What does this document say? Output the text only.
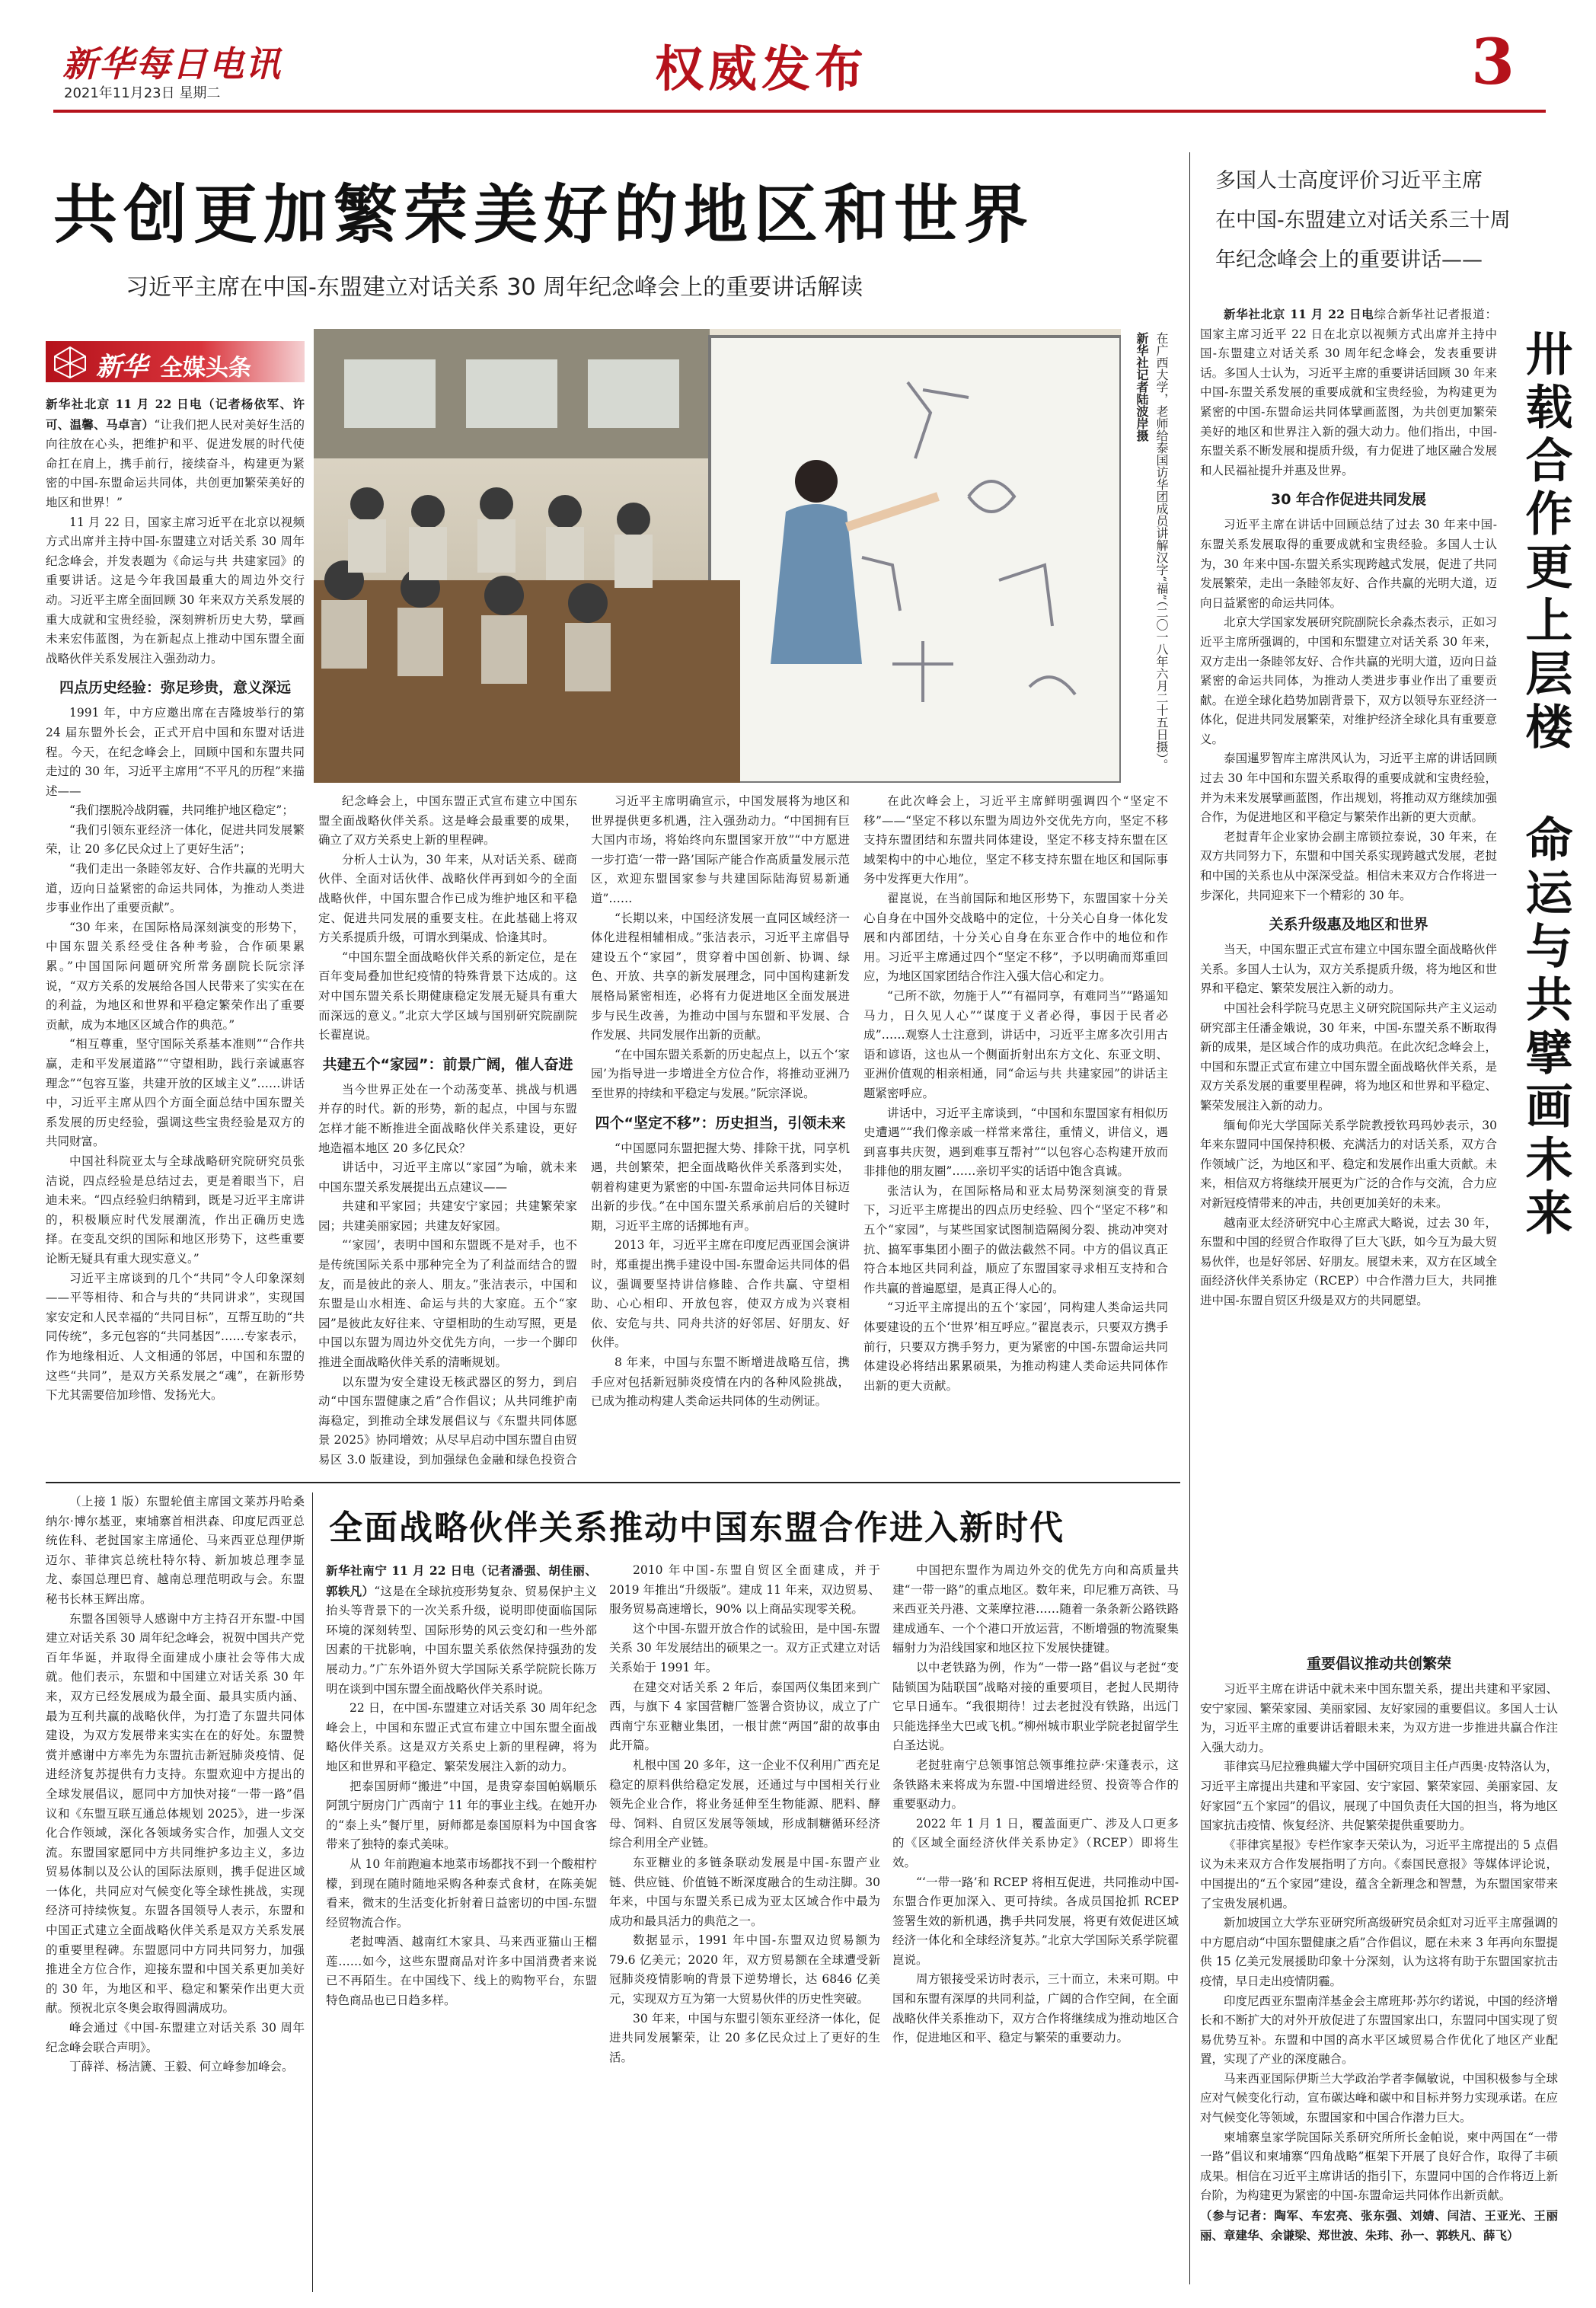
新华每日电讯
2021年11月23日 星期二	权威发布	3
共创更加繁荣美好的地区和世界
习近平主席在中国-东盟建立对话关系 30 周年纪念峰会上的重要讲话解读
新华 全媒头条	在广西大学，老师给泰国访华团成员讲解汉字“福”（二〇一八年六月二十五日摄）。 新华社记者陆波岸摄

新华社北京 11 月 22 日电（记者杨依军、许可、温馨、马卓言）“让我们把人民对美好生活的向往放在心头，把维护和平、促进发展的时代使命扛在肩上，携手前行，接续奋斗，构建更为紧密的中国-东盟命运共同体，共创更加繁荣美好的地区和世界！”

11 月 22 日，国家主席习近平在北京以视频方式出席并主持中国-东盟建立对话关系 30 周年纪念峰会，并发表题为《命运与共 共建家园》的重要讲话。这是今年我国最重大的周边外交行动。习近平主席全面回顾 30 年来双方关系发展的重大成就和宝贵经验，深刻辨析历史大势，擘画未来宏伟蓝图，为在新起点上推动中国东盟全面战略伙伴关系发展注入强劲动力。

四点历史经验：弥足珍贵，意义深远

1991 年，中方应邀出席在吉隆坡举行的第 24 届东盟外长会，正式开启中国和东盟对话进程。今天，在纪念峰会上，回顾中国和东盟共同走过的 30 年，习近平主席用“不平凡的历程”来描述——

“我们摆脱冷战阴霾，共同维护地区稳定”；

“我们引领东亚经济一体化，促进共同发展繁荣，让 20 多亿民众过上了更好生活”；

“我们走出一条睦邻友好、合作共赢的光明大道，迈向日益紧密的命运共同体，为推动人类进步事业作出了重要贡献”。

“30 年来，在国际格局深刻演变的形势下，中国东盟关系经受住各种考验，合作硕果累累。”中国国际问题研究所常务副院长阮宗泽说，“双方关系的发展给各国人民带来了实实在在的利益，为地区和世界和平稳定繁荣作出了重要贡献，成为本地区区域合作的典范。”

“相互尊重，坚守国际关系基本准则”“合作共赢，走和平发展道路”“守望相助，践行亲诚惠容理念”“包容互鉴，共建开放的区域主义”……讲话中，习近平主席从四个方面全面总结中国东盟关系发展的历史经验，强调这些宝贵经验是双方的共同财富。

中国社科院亚太与全球战略研究院研究员张洁说，四点经验是总结过去，更是着眼当下，启迪未来。“四点经验归纳精到，既是习近平主席讲的，积极顺应时代发展潮流，作出正确历史选择。在变乱交织的国际和地区形势下，这些重要论断无疑具有重大现实意义。”

习近平主席谈到的几个“共同”令人印象深刻——平等相待、和合与共的“共同讲求”，实现国家安定和人民幸福的“共同目标”，互帮互助的“共同传统”，多元包容的“共同基因”……专家表示，作为地缘相近、人文相通的邻居，中国和东盟的这些“共同”，是双方关系发展之“魂”，在新形势下尤其需要倍加珍惜、发扬光大。

纪念峰会上，中国东盟正式宣布建立中国东盟全面战略伙伴关系。这是峰会最重要的成果，确立了双方关系史上新的里程碑。

分析人士认为，30 年来，从对话关系、磋商伙伴、全面对话伙伴、战略伙伴再到如今的全面战略伙伴，中国东盟合作已成为维护地区和平稳定、促进共同发展的重要支柱。在此基础上将双方关系提质升级，可谓水到渠成、恰逢其时。

“中国东盟全面战略伙伴关系的新定位，是在百年变局叠加世纪疫情的特殊背景下达成的。这对中国东盟关系长期健康稳定发展无疑具有重大而深远的意义。”北京大学区域与国别研究院副院长翟崑说。

共建五个“家园”：前景广阔，催人奋进

当今世界正处在一个动荡变革、挑战与机遇并存的时代。新的形势，新的起点，中国与东盟怎样才能不断推进全面战略伙伴关系建设，更好地造福本地区 20 多亿民众？

讲话中，习近平主席以“家园”为喻，就未来中国东盟关系发展提出五点建议——

共建和平家园；共建安宁家园；共建繁荣家园；共建美丽家园；共建友好家园。

“‘家园’，表明中国和东盟既不是对手，也不是传统国际关系中那种完全为了利益而结合的盟友，而是彼此的亲人、朋友。”张洁表示，中国和东盟是山水相连、命运与共的大家庭。五个“家园”是彼此友好往来、守望相助的生动写照，更是中国以东盟为周边外交优先方向，一步一个脚印推进全面战略伙伴关系的清晰规划。

以东盟为安全建设无核武器区的努力，到启动“中国东盟健康之盾”合作倡议；从共同维护南海稳定，到推动全球发展倡议与《东盟共同体愿景 2025》协同增效；从尽早启动中国东盟自由贸易区 3.0 版建设，到加强绿色金融和绿色投资合

习近平主席明确宣示，中国发展将为地区和世界提供更多机遇，注入强劲动力。“中国拥有巨大国内市场，将始终向东盟国家开放”“中方愿进一步打造‘一带一路’国际产能合作高质量发展示范区，欢迎东盟国家参与共建国际陆海贸易新通道”……

“长期以来，中国经济发展一直同区域经济一体化进程相辅相成。”张洁表示，习近平主席倡导建设五个“家园”，贯穿着中国创新、协调、绿色、开放、共享的新发展理念，同中国构建新发展格局紧密相连，必将有力促进地区全面发展进步与民生改善，为推动中国与东盟和平发展、合作发展、共同发展作出新的贡献。

“在中国东盟关系新的历史起点上，以五个‘家园’为指导进一步增进全方位合作，将推动亚洲乃至世界的持续和平稳定与发展。”阮宗泽说。

四个“坚定不移”：历史担当，引领未来

“中国愿同东盟把握大势、排除干扰，同享机遇，共创繁荣，把全面战略伙伴关系落到实处，朝着构建更为紧密的中国-东盟命运共同体目标迈出新的步伐。”在中国东盟关系承前启后的关键时期，习近平主席的话掷地有声。

2013 年，习近平主席在印度尼西亚国会演讲时，郑重提出携手建设中国-东盟命运共同体的倡议，强调要坚持讲信修睦、合作共赢、守望相助、心心相印、开放包容，使双方成为兴衰相依、安危与共、同舟共济的好邻居、好朋友、好伙伴。

8 年来，中国与东盟不断增进战略互信，携手应对包括新冠肺炎疫情在内的各种风险挑战，已成为推动构建人类命运共同体的生动例证。

在此次峰会上，习近平主席鲜明强调四个“坚定不移”——“坚定不移以东盟为周边外交优先方向，坚定不移支持东盟团结和东盟共同体建设，坚定不移支持东盟在区域架构中的中心地位，坚定不移支持东盟在地区和国际事务中发挥更大作用”。

翟崑说，在当前国际和地区形势下，东盟国家十分关心自身在中国外交战略中的定位，十分关心自身一体化发展和内部团结，十分关心自身在东亚合作中的地位和作用。习近平主席通过四个“坚定不移”，予以明确而郑重回应，为地区国家团结合作注入强大信心和定力。

“己所不欲，勿施于人”“有福同享，有难同当”“路遥知马力，日久见人心”“谋度于义者必得，事因于民者必成”……观察人士注意到，讲话中，习近平主席多次引用古语和谚语，这也从一个侧面折射出东方文化、东亚文明、亚洲价值观的相亲相通，同“命运与共 共建家园”的讲话主题紧密呼应。

讲话中，习近平主席谈到，“中国和东盟国家有相似历史遭遇”“我们像亲戚一样常来常往，重情义，讲信义，遇到喜事共庆贺，遇到难事互帮衬”“以包容心态构建开放而非排他的朋友圈”……亲切平实的话语中饱含真诚。

张洁认为，在国际格局和亚太局势深刻演变的背景下，习近平主席提出的四点历史经验、四个“坚定不移”和五个“家园”，与某些国家试图制造隔阂分裂、挑动冲突对抗、搞军事集团小圈子的做法截然不同。中方的倡议真正符合本地区共同利益，顺应了东盟国家寻求相互支持和合作共赢的普遍愿望，是真正得人心的。

“习近平主席提出的五个‘家园’，同构建人类命运共同体要建设的五个‘世界’相互呼应。”翟崑表示，只要双方携手前行，只要双方携手努力，更为紧密的中国-东盟命运共同体建设必将结出累累硕果，为推动构建人类命运共同体作出新的更大贡献。

多国人士高度评价习近平主席
在中国-东盟建立对话关系三十周
年纪念峰会上的重要讲话——
卅载合作更上层楼
命运与共擘画未来

新华社北京 11 月 22 日电综合新华社记者报道：国家主席习近平 22 日在北京以视频方式出席并主持中国-东盟建立对话关系 30 周年纪念峰会，发表重要讲话。多国人士认为，习近平主席的重要讲话回顾 30 年来中国-东盟关系发展的重要成就和宝贵经验，为构建更为紧密的中国-东盟命运共同体擘画蓝图，为共创更加繁荣美好的地区和世界注入新的强大动力。他们指出，中国-东盟关系不断发展和提质升级，有力促进了地区融合发展和人民福祉提升并惠及世界。

30 年合作促进共同发展

习近平主席在讲话中回顾总结了过去 30 年来中国-东盟关系发展取得的重要成就和宝贵经验。多国人士认为，30 年来中国-东盟关系实现跨越式发展，促进了共同发展繁荣，走出一条睦邻友好、合作共赢的光明大道，迈向日益紧密的命运共同体。

北京大学国家发展研究院副院长余淼杰表示，正如习近平主席所强调的，中国和东盟建立对话关系 30 年来，双方走出一条睦邻友好、合作共赢的光明大道，迈向日益紧密的命运共同体，为推动人类进步事业作出了重要贡献。在逆全球化趋势加剧背景下，双方以领导东亚经济一体化，促进共同发展繁荣，对维护经济全球化具有重要意义。

泰国暹罗智库主席洪风认为，习近平主席的讲话回顾过去 30 年中国和东盟关系取得的重要成就和宝贵经验，并为未来发展擘画蓝图，作出规划，将推动双方继续加强合作，为促进地区和平稳定与繁荣作出新的更大贡献。

老挝青年企业家协会副主席锁拉泰说，30 年来，在双方共同努力下，东盟和中国关系实现跨越式发展，老挝和中国的关系也从中深深受益。相信未来双方合作将进一步深化，共同迎来下一个精彩的 30 年。

关系升级惠及地区和世界

当天，中国东盟正式宣布建立中国东盟全面战略伙伴关系。多国人士认为，双方关系提质升级，将为地区和世界和平稳定、繁荣发展注入新的动力。

中国社会科学院马克思主义研究院国际共产主义运动研究部主任潘金娥说，30 年来，中国-东盟关系不断取得新的成果，是区域合作的成功典范。在此次纪念峰会上，中国和东盟正式宣布建立中国东盟全面战略伙伴关系，是双方关系发展的重要里程碑，将为地区和世界和平稳定、繁荣发展注入新的动力。

缅甸仰光大学国际关系学院教授钦玛玛妙表示，30 年来东盟同中国保持积极、充满活力的对话关系，双方合作领域广泛，为地区和平、稳定和发展作出重大贡献。未来，相信双方将继续开展更为广泛的合作与交流，合力应对新冠疫情带来的冲击，共创更加美好的未来。

越南亚太经济研究中心主席武大略说，过去 30 年，东盟和中国的经贸合作取得了巨大飞跃，如今互为最大贸易伙伴，也是好邻居、好朋友。展望未来，双方在区域全面经济伙伴关系协定（RCEP）中合作潜力巨大，共同推进中国-东盟自贸区升级是双方的共同愿望。

重要倡议推动共创繁荣

习近平主席在讲话中就未来中国东盟关系，提出共建和平家园、安宁家园、繁荣家园、美丽家园、友好家园的重要倡议。多国人士认为，习近平主席的重要讲话着眼未来，为双方进一步推进共赢合作注入强大动力。

菲律宾马尼拉雅典耀大学中国研究项目主任卢西奥·皮特洛认为，习近平主席提出共建和平家园、安宁家园、繁荣家园、美丽家园、友好家园“五个家园”的倡议，展现了中国负责任大国的担当，将为地区国家抗击疫情、恢复经济、共促繁荣提供重要助力。

《菲律宾星报》专栏作家李天荣认为，习近平主席提出的 5 点倡议为未来双方合作发展指明了方向。《泰国民意报》等媒体评论说，中国提出的“五个家园”建设，蕴含全新理念和智慧，为东盟国家带来了宝贵发展机遇。

新加坡国立大学东亚研究所高级研究员余虹对习近平主席强调的中方愿启动“中国东盟健康之盾”合作倡议，愿在未来 3 年再向东盟提供 15 亿美元发展援助印象十分深刻，认为这将有助于东盟国家抗击疫情，早日走出疫情阴霾。

印度尼西亚东盟南洋基金会主席班邦·苏尔约诺说，中国的经济增长和不断扩大的对外开放促进了东盟国家出口，东盟同中国实现了贸易优势互补。东盟和中国的高水平区域贸易合作优化了地区产业配置，实现了产业的深度融合。

马来西亚国际伊斯兰大学政治学者李佩敏说，中国积极参与全球应对气候变化行动，宣布碳达峰和碳中和目标并努力实现承诺。在应对气候变化等领域，东盟国家和中国合作潜力巨大。

柬埔寨皇家学院国际关系研究所所长金帕说，柬中两国在“一带一路”倡议和柬埔寨“四角战略”框架下开展了良好合作，取得了丰硕成果。相信在习近平主席讲话的指引下，东盟同中国的合作将迈上新台阶，为构建更为紧密的中国-东盟命运共同体作出新贡献。

（参与记者：陶军、车宏亮、张东强、刘婧、闫洁、王亚光、王丽丽、章建华、余谦梁、郑世波、朱玮、孙一、郭轶凡、薛飞）

（上接 1 版）东盟轮值主席国文莱苏丹哈桑纳尔·博尔基亚，柬埔寨首相洪森、印度尼西亚总统佐科、老挝国家主席通伦、马来西亚总理伊斯迈尔、菲律宾总统杜特尔特、新加坡总理李显龙、泰国总理巴育、越南总理范明政与会。东盟秘书长林玉辉出席。

东盟各国领导人感谢中方主持召开东盟-中国建立对话关系 30 周年纪念峰会，祝贺中国共产党百年华诞，并取得全面建成小康社会等伟大成就。他们表示，东盟和中国建立对话关系 30 年来，双方已经发展成为最全面、最具实质内涵、最为互利共赢的战略伙伴，为打造了东盟共同体建设，为双方发展带来实实在在的好处。东盟赞赏并感谢中方率先为东盟抗击新冠肺炎疫情、促进经济复苏提供有力支持。东盟欢迎中方提出的全球发展倡议，愿同中方加快对接“一带一路”倡议和《东盟互联互通总体规划 2025》，进一步深化合作领域，深化各领域务实合作，加强人文交流。东盟国家愿同中方共同维护多边主义，多边贸易体制以及公认的国际法原则，携手促进区域一体化，共同应对气候变化等全球性挑战，实现经济可持续恢复。东盟各国领导人表示，东盟和中国正式建立全面战略伙伴关系是双方关系发展的重要里程碑。东盟愿同中方同共同努力，加强推进全方位合作，迎接东盟和中国关系更加美好的 30 年，为地区和平、稳定和繁荣作出更大贡献。预祝北京冬奥会取得圆满成功。

峰会通过《中国-东盟建立对话关系 30 周年纪念峰会联合声明》。

丁薛祥、杨洁篪、王毅、何立峰参加峰会。

全面战略伙伴关系推动中国东盟合作进入新时代

新华社南宁 11 月 22 日电（记者潘强、胡佳丽、郭轶凡）“这是在全球抗疫形势复杂、贸易保护主义抬头等背景下的一次关系升级，说明即使面临国际环境的深刻转型、国际形势的风云变幻和一些外部因素的干扰影响，中国东盟关系依然保持强劲的发展动力。”广东外语外贸大学国际关系学院院长陈万明在谈到中国东盟全面战略伙伴关系时说。

22 日，在中国-东盟建立对话关系 30 周年纪念峰会上，中国和东盟正式宣布建立中国东盟全面战略伙伴关系。这是双方关系史上新的里程碑，将为地区和世界和平稳定、繁荣发展注入新的动力。

把泰国厨师“搬进”中国，是贵穿泰国帕娲顺乐阿凯宁厨房门广西南宁 11 年的事业主线。在她开办的“泰上头”餐厅里，厨师都是泰国原料为中国食客带来了独特的泰式美味。

从 10 年前跑遍本地菜市场都找不到一个酸柑柠檬，到现在随时随地采购各种泰式食材，在陈美妮看来，微末的生活变化折射着日益密切的中国-东盟经贸物流合作。

老挝啤酒、越南红木家具、马来西亚猫山王榴莲……如今，这些东盟商品对许多中国消费者来说已不再陌生。在中国线下、线上的购物平台，东盟特色商品也已日趋多样。

2010 年中国-东盟自贸区全面建成，并于 2019 年推出“升级版”。建成 11 年来，双边贸易、服务贸易高速增长，90% 以上商品实现零关税。

这个中国-东盟开放合作的试验田，是中国-东盟关系 30 年发展结出的硕果之一。双方正式建立对话关系始于 1991 年。

在建交对话关系 2 年后，泰国两仪集团来到广西，与旗下 4 家国营糖厂签署合资协议，成立了广西南宁东亚糖业集团，一根甘蔗“两国”甜的故事由此开篇。

札根中国 20 多年，这一企业不仅利用广西充足稳定的原料供给稳定发展，还通过与中国相关行业领先企业合作，将业务延伸至生物能源、肥料、酵母、饲料、自贸区发展等领域，形成制糖循环经济综合利用全产业链。

东亚糖业的多链条联动发展是中国-东盟产业链、供应链、价值链不断深度融合的生动注脚。30 年来，中国与东盟关系已成为亚太区域合作中最为成功和最具活力的典范之一。

数据显示，1991 年中国-东盟双边贸易额为 79.6 亿美元；2020 年，双方贸易额在全球遭受新冠肺炎疫情影响的背景下逆势增长，达 6846 亿美元，实现双方互为第一大贸易伙伴的历史性突破。

30 年来，中国与东盟引领东亚经济一体化，促进共同发展繁荣，让 20 多亿民众过上了更好的生活。

中国把东盟作为周边外交的优先方向和高质量共建“一带一路”的重点地区。数年来，印尼雅万高铁、马来西亚关丹港、文莱摩拉港……随着一条条新公路铁路建成通车、一个个港口开放运营，不断增强的物流聚集辐射力为沿线国家和地区拉下发展快捷键。

以中老铁路为例，作为“一带一路”倡议与老挝“变陆锁国为陆联国”战略对接的重要项目，老挝人民期待它早日通车。“我很期待！过去老挝没有铁路，出远门只能选择坐大巴或飞机。”柳州城市职业学院老挝留学生白圣达说。

老挝驻南宁总领事馆总领事维拉萨·宋蓬表示，这条铁路未来将成为东盟-中国增进经贸、投资等合作的重要驱动力。

2022 年 1 月 1 日，覆盖面更广、涉及人口更多的《区域全面经济伙伴关系协定》（RCEP）即将生效。

“‘一带一路’和 RCEP 将相互促进，共同推动中国-东盟合作更加深入、更可持续。各成员国抢抓 RCEP 签署生效的新机遇，携手共同发展，将更有效促进区域经济一体化和全球经济复苏。”北京大学国际关系学院翟崑说。

周方银接受采访时表示，三十而立，未来可期。中国和东盟有深厚的共同利益，广阔的合作空间，在全面战略伙伴关系推动下，双方合作将继续成为推动地区合作，促进地区和平、稳定与繁荣的重要动力。
